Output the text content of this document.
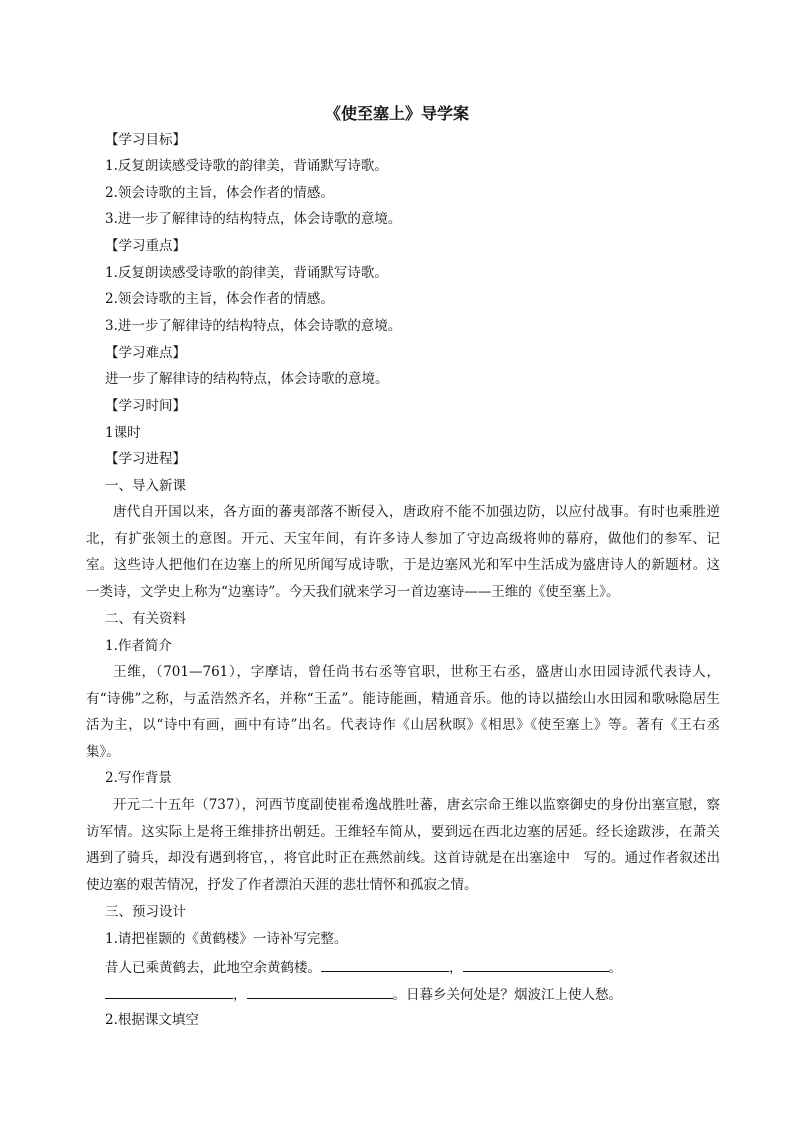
《使至塞上》导学案
【学习目标】
1.反复朗读感受诗歌的韵律美，背诵默写诗歌。
2.领会诗歌的主旨，体会作者的情感。
3.进一步了解律诗的结构特点，体会诗歌的意境。
【学习重点】
1.反复朗读感受诗歌的韵律美，背诵默写诗歌。
2.领会诗歌的主旨，体会作者的情感。
3.进一步了解律诗的结构特点，体会诗歌的意境。
【学习难点】
进一步了解律诗的结构特点，体会诗歌的意境。
【学习时间】
1课时
【学习进程】
一、导入新课
唐代自开国以来，各方面的蕃夷部落不断侵入，唐政府不能不加强边防，以应付战事。有时也乘胜逆北，有扩张领土的意图。开元、天宝年间，有许多诗人参加了守边高级将帅的幕府，做他们的参军、记室。这些诗人把他们在边塞上的所见所闻写成诗歌，于是边塞风光和军中生活成为盛唐诗人的新题材。这一类诗，文学史上称为“边塞诗”。今天我们就来学习一首边塞诗——王维的《使至塞上》。
二、有关资料
1.作者简介
王维，（701—761），字摩诘，曾任尚书右丞等官职，世称王右丞，盛唐山水田园诗派代表诗人，有“诗佛”之称，与孟浩然齐名，并称“王孟”。能诗能画，精通音乐。他的诗以描绘山水田园和歌咏隐居生活为主，以“诗中有画，画中有诗”出名。代表诗作《山居秋暝》《相思》《使至塞上》等。著有《王右丞集》。
2.写作背景
开元二十五年（737），河西节度副使崔希逸战胜吐蕃，唐玄宗命王维以监察御史的身份出塞宣慰，察访军情。这实际上是将王维排挤出朝廷。王维轻车简从，要到远在西北边塞的居延。经长途跋涉，在萧关遇到了骑兵，却没有遇到将官，，将官此时正在燕然前线。这首诗就是在出塞途中　写的。通过作者叙述出使边塞的艰苦情况，抒发了作者漂泊天涯的悲壮情怀和孤寂之情。
三、预习设计
1.请把崔颢的《黄鹤楼》一诗补写完整。
昔人已乘黄鹤去，此地空余黄鹤楼。	，	。
，	。日暮乡关何处是？烟波江上使人愁。
2.根据课文填空
